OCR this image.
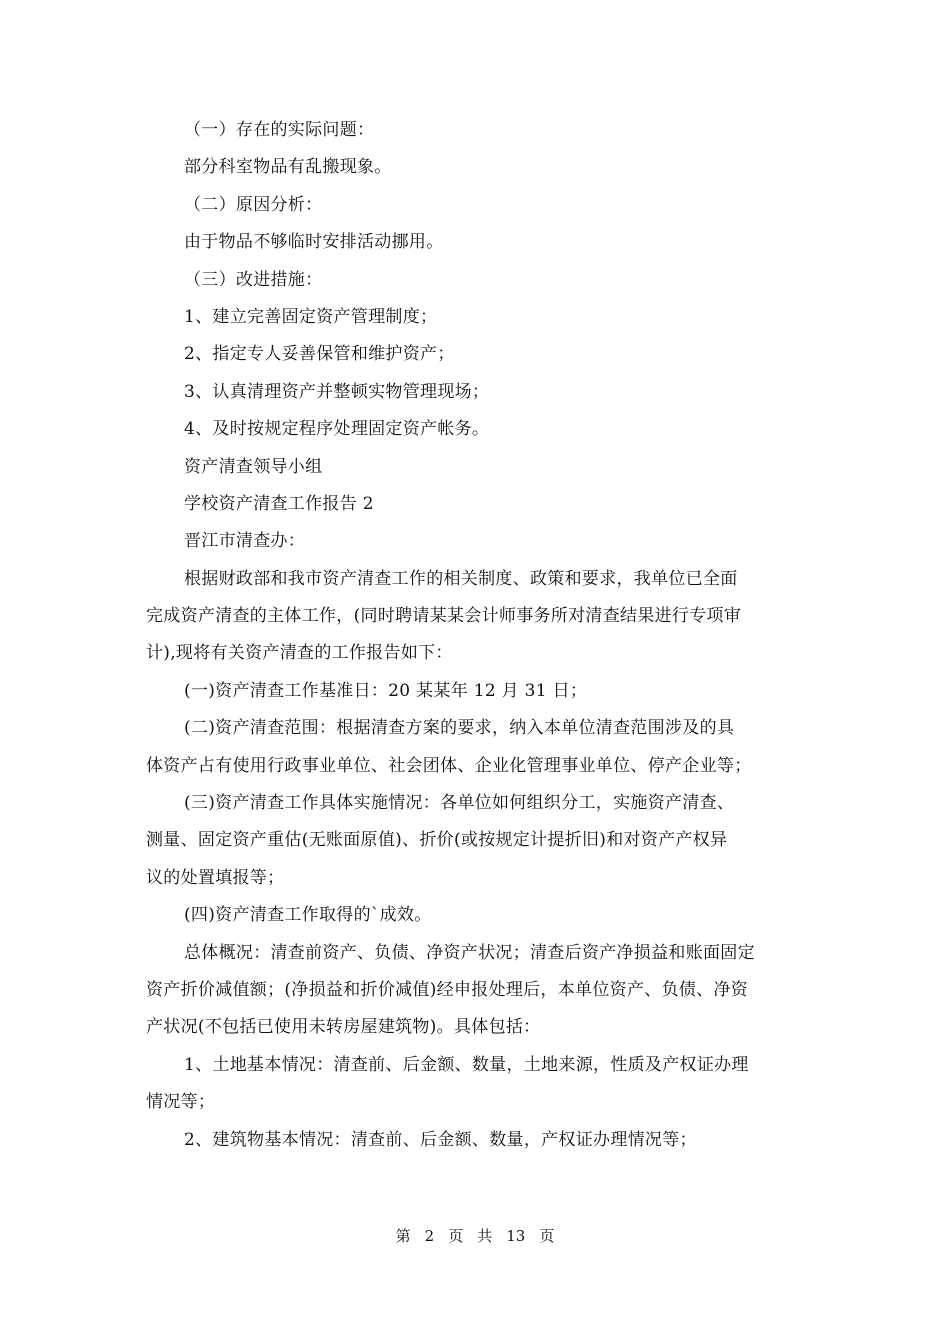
（一）存在的实际问题：
部分科室物品有乱搬现象。
（二）原因分析：
由于物品不够临时安排活动挪用。
（三）改进措施：
1、建立完善固定资产管理制度；
2、指定专人妥善保管和维护资产；
3、认真清理资产并整顿实物管理现场；
4、及时按规定程序处理固定资产帐务。
资产清查领导小组
学校资产清查工作报告 2
晋江市清查办：
根据财政部和我市资产清查工作的相关制度、政策和要求，我单位已全面
完成资产清查的主体工作，(同时聘请某某会计师事务所对清查结果进行专项审
计),现将有关资产清查的工作报告如下：
(一)资产清查工作基准日：20 某某年 12 月 31 日；
(二)资产清查范围：根据清查方案的要求，纳入本单位清查范围涉及的具
体资产占有使用行政事业单位、社会团体、企业化管理事业单位、停产企业等；
(三)资产清查工作具体实施情况：各单位如何组织分工，实施资产清查、
测量、固定资产重估(无账面原值)、折价(或按规定计提折旧)和对资产产权异
议的处置填报等；
(四)资产清查工作取得的`成效。
总体概况：清查前资产、负债、净资产状况；清查后资产净损益和账面固定
资产折价减值额；(净损益和折价减值)经申报处理后，本单位资产、负债、净资
产状况(不包括已使用未转房屋建筑物)。具体包括：
1、土地基本情况：清查前、后金额、数量，土地来源，性质及产权证办理
情况等；
2、建筑物基本情况：清查前、后金额、数量，产权证办理情况等；
第 2 页 共 13 页
